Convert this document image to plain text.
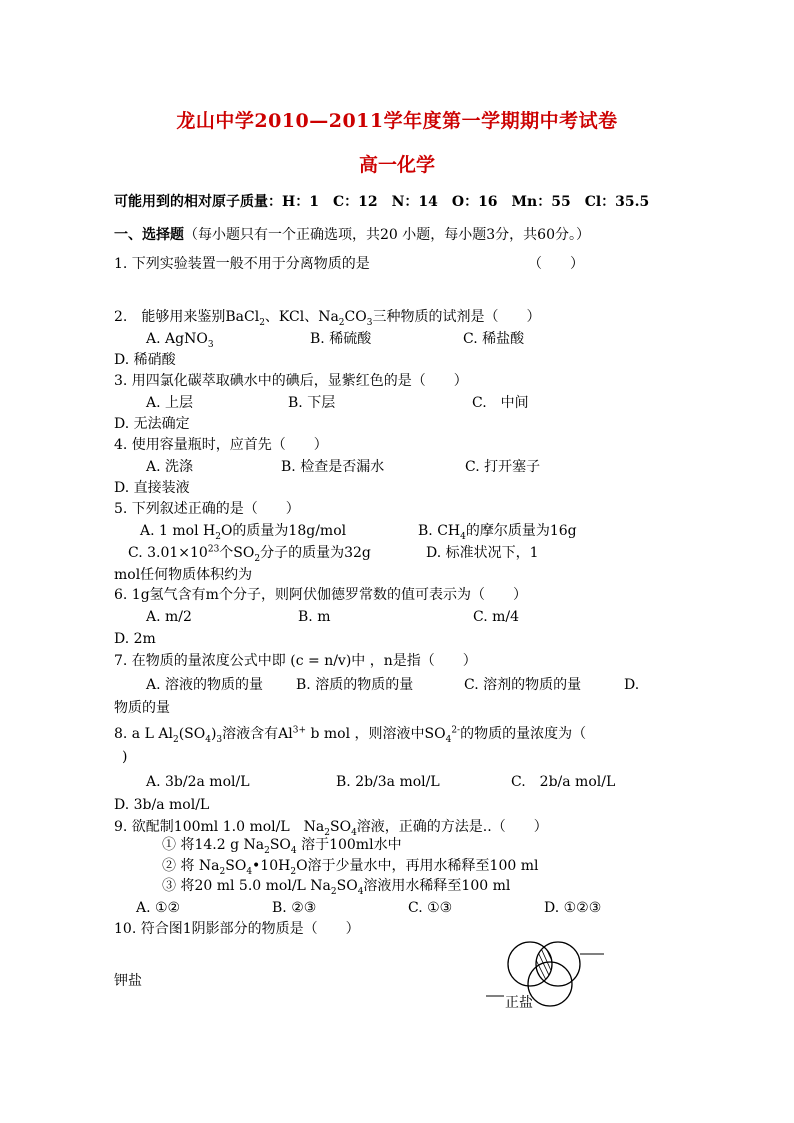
龙山中学2010—2011学年度第一学期期中考试卷
高一化学
可能用到的相对原子质量：H：1　C：12　N：14　O：16　Mn：55　Cl：35.5
一、选择题（每小题只有一个正确选项，共20 小题，每小题3分，共60分。）
1. 下列实验装置一般不用于分离物质的是	（　　）
2.　能够用来鉴别BaCl$_2$、KCl、$Na_2CO_3$三种物质的试剂是（　　）
A. AgNO$_3$	B. 稀硫酸	C. 稀盐酸
D. 稀硝酸
3. 用四氯化碳萃取碘水中的碘后，显紫红色的是（　　）
A. 上层	B. 下层	C.　中间
D. 无法确定
4. 使用容量瓶时，应首先（　　）
A. 洗涤	B. 检查是否漏水	C. 打开塞子
D. 直接装液
5. 下列叙述正确的是（　　）
A. 1 mol $H_2O$的质量为18g/mol	B. $CH_4$的摩尔质量为16g
C. $3.01\times 10^{23}$个$SO_2$分子的质量为32g	D. 标准状况下，1
mol任何物质体积约为
6. 1g氢气含有m个分子，则阿伏伽德罗常数的值可表示为（　　）
A. m/2	B. m	C. m/4
D. 2m
7. 在物质的量浓度公式中即 (c = n/v)中 ，n是指（　　）
A. 溶液的物质的量 B. 溶质的物质的量	C. 溶剂的物质的量	D.
物质的量
8. a L $Al_2(SO_4)_3$溶液含有$Al^{3+}$ b mol ，则溶液中$SO_4^{2-}$的物质的量浓度为（
)
A. 3b/2a mol/L	B. 2b/3a mol/L	C.　2b/a mol/L
D. 3b/a mol/L
9. 欲配制100ml 1.0 mol/L　$Na_2SO_4$溶液，正确的方法是..（　　）
① 将14.2 g $Na_2SO_4$ 溶于100ml水中
② 将 $Na_2SO_4•10H_2O$溶于少量水中，再用水稀释至100 ml
③ 将20 ml 5.0 mol/L $Na_2SO_4$溶液用水稀释至100 ml
A. ①②	B. ②③	C. ①③	D. ①②③
10. 符合图1阴影部分的物质是（　　）
钾盐
正盐
